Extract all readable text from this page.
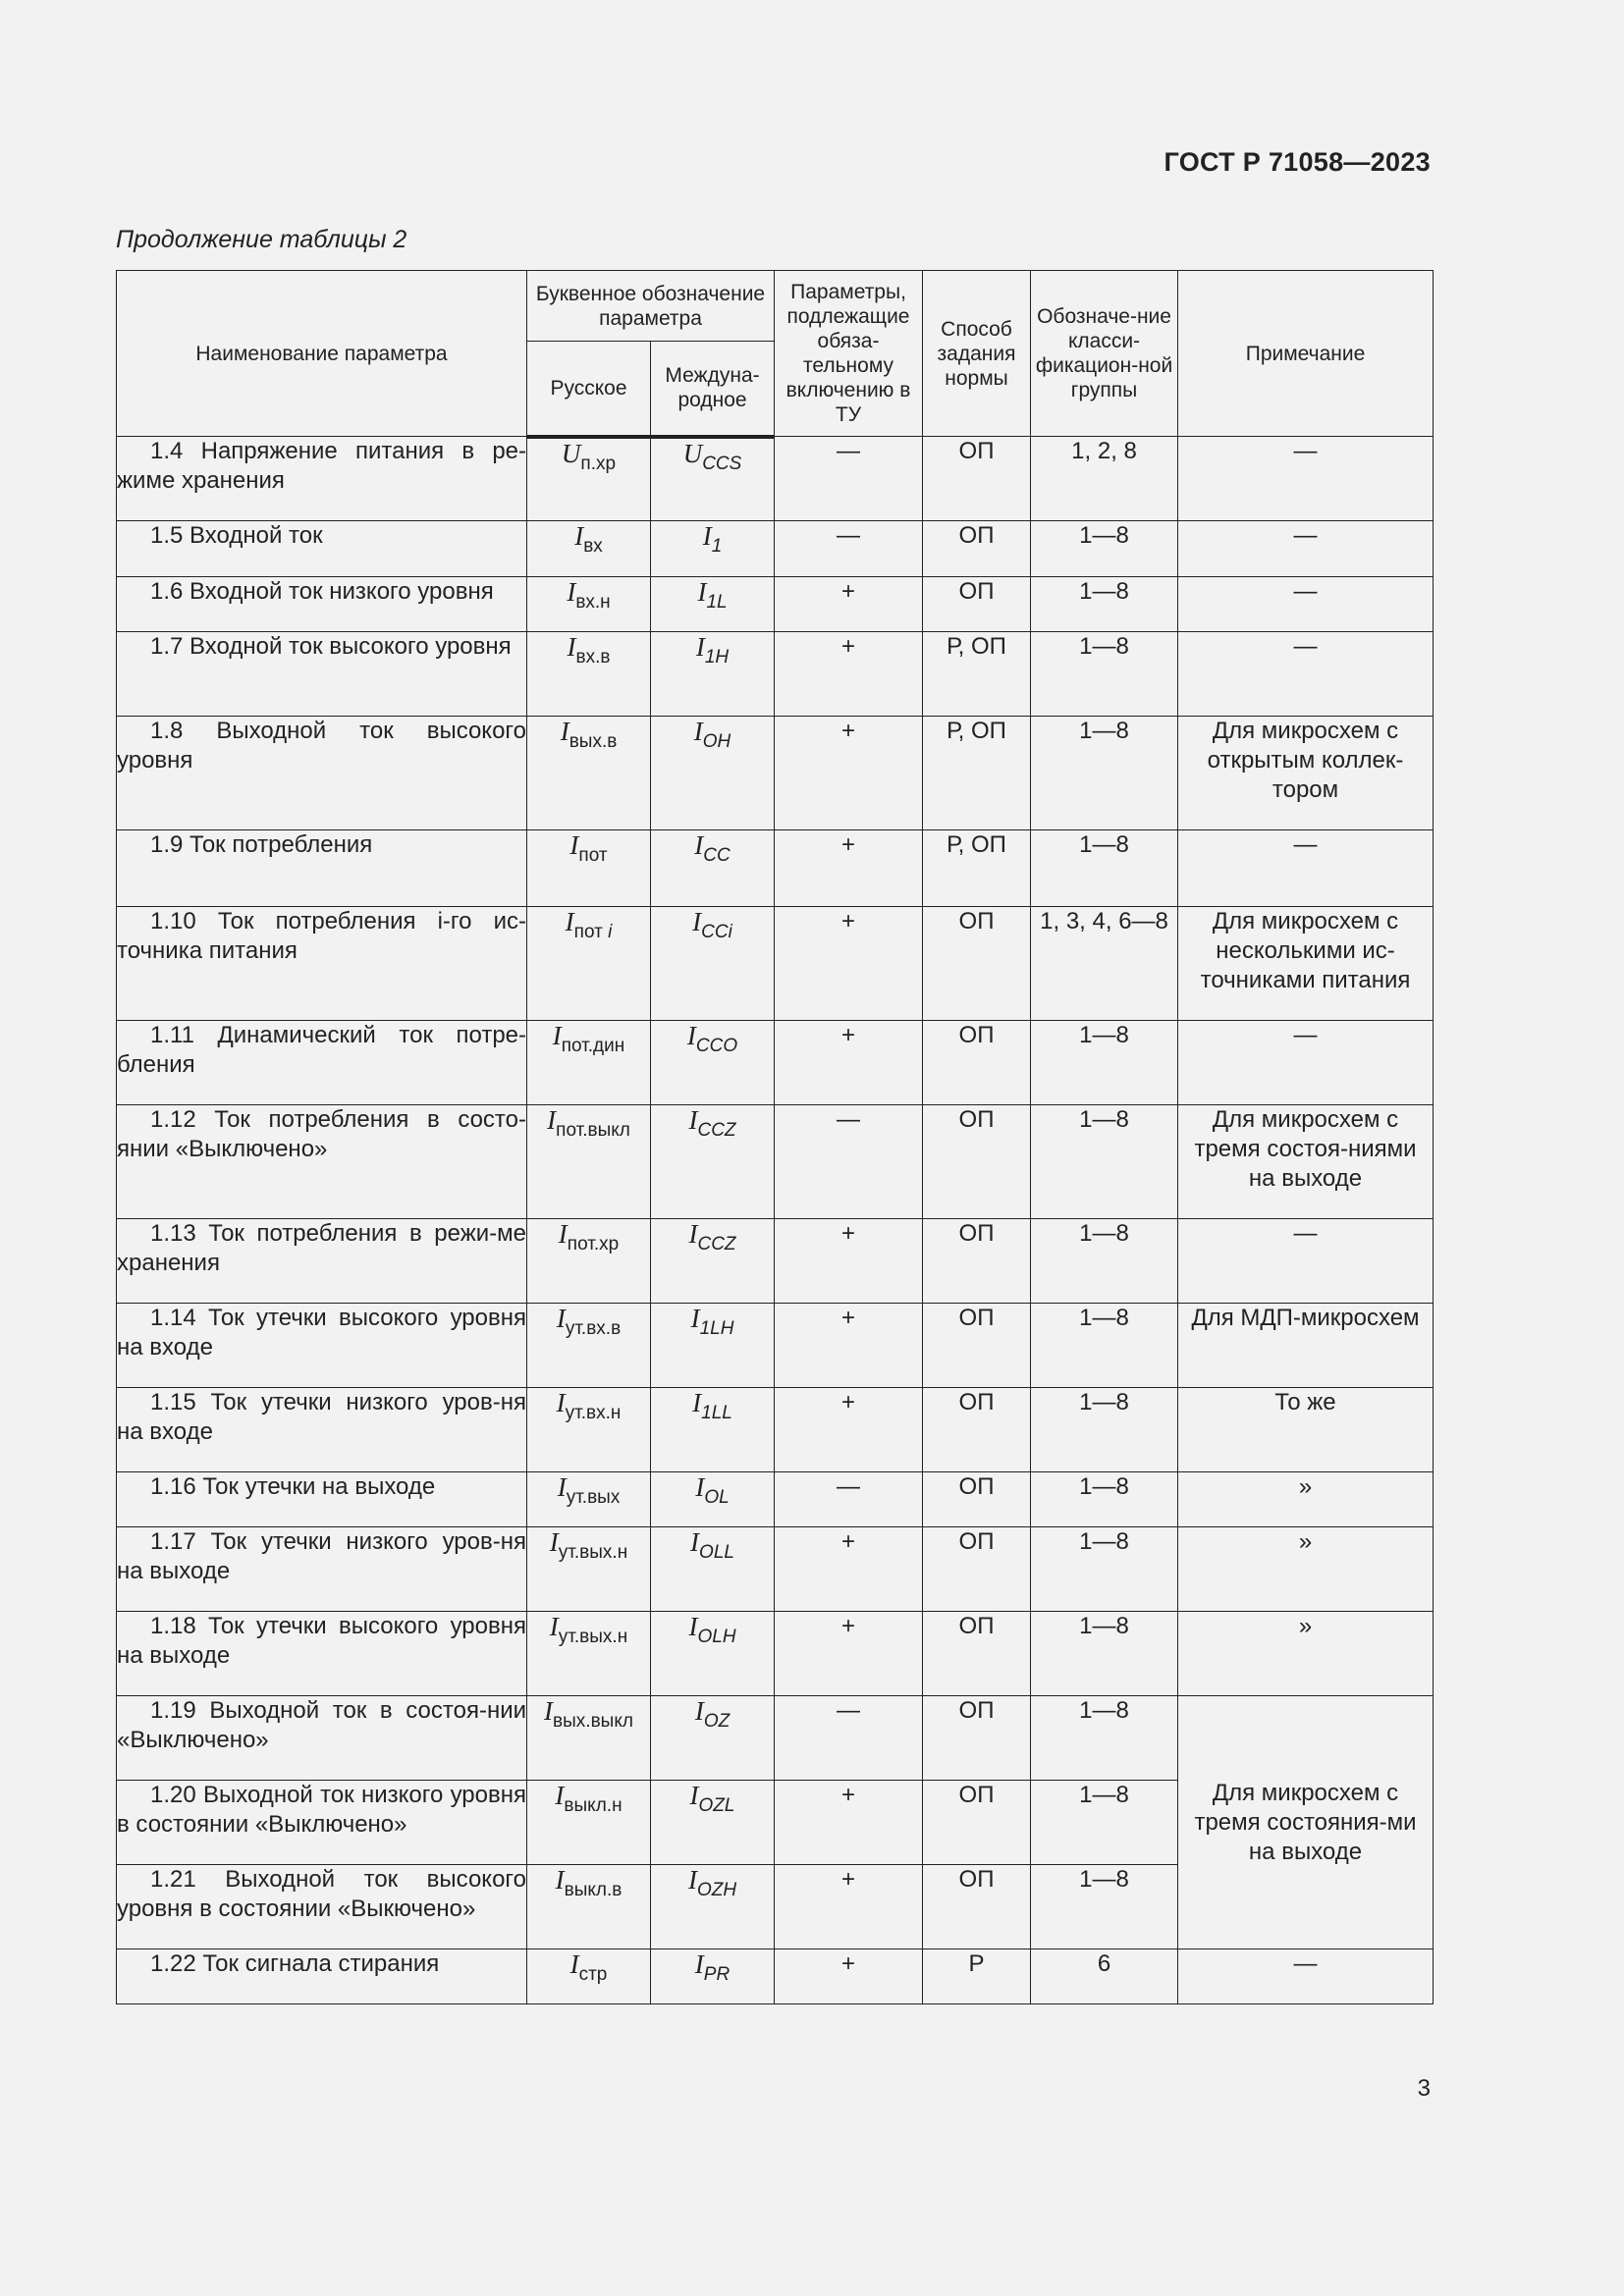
ГОСТ Р 71058—2023
Продолжение таблицы 2
Наименование параметра	Буквенное обозначение параметра		Параметры, подлежащие обяза-тельному включению в ТУ	Способ задания нормы	Обозначе-ние класси-фикацион-ной группы	Примечание
	Русское	Междуна-родное				
1.4 Напряжение питания в ре-жиме хранения	$U_{п.хр}$	$U_{CCS}$	—	ОП	1, 2, 8	—
1.5 Входной ток	$I_{вх}$	$I_1$	—	ОП	1—8	—
1.6 Входной ток низкого уровня	$I_{вх.н}$	$I_{1L}$	+	ОП	1—8	—
1.7 Входной ток высокого уровня	$I_{вх.в}$	$I_{1H}$	+	Р, ОП	1—8	—
1.8 Выходной ток высокого уровня	$I_{вых.в}$	$I_{OH}$	+	Р, ОП	1—8	Для микросхем с открытым коллек-тором
1.9 Ток потребления	$I_{пот}$	$I_{CC}$	+	Р, ОП	1—8	—
1.10 Ток потребления i-го ис-точника питания	$I_{пот i}$	$I_{CCi}$	+	ОП	1, 3, 4, 6—8	Для микросхем с несколькими ис-точниками питания
1.11 Динамический ток потре-бления	$I_{пот.дин}$	$I_{CCO}$	+	ОП	1—8	—
1.12 Ток потребления в состо-янии «Выключено»	$I_{пот.выкл}$	$I_{CCZ}$	—	ОП	1—8	Для микросхем с тремя состоя-ниями на выходе
1.13 Ток потребления в режи-ме хранения	$I_{пот.хр}$	$I_{CCZ}$	+	ОП	1—8	—
1.14 Ток утечки высокого уровня на входе	$I_{ут.вх.в}$	$I_{1LH}$	+	ОП	1—8	Для МДП-микросхем
1.15 Ток утечки низкого уров-ня на входе	$I_{ут.вх.н}$	$I_{1LL}$	+	ОП	1—8	То же
1.16 Ток утечки на выходе	$I_{ут.вых}$	$I_{OL}$	—	ОП	1—8	»
1.17 Ток утечки низкого уров-ня на выходе	$I_{ут.вых.н}$	$I_{OLL}$	+	ОП	1—8	»
1.18 Ток утечки высокого уровня на выходе	$I_{ут.вых.н}$	$I_{OLH}$	+	ОП	1—8	»
1.19 Выходной ток в состоя-нии «Выключено»	$I_{вых.выкл}$	$I_{OZ}$	—	ОП	1—8	Для микросхем с тремя состояния-ми на выходе
1.20 Выходной ток низкого уровня в состоянии «Выключено»	$I_{выкл.н}$	$I_{OZL}$	+	ОП	1—8	
1.21 Выходной ток высокого уровня в состоянии «Выкючено»	$I_{выкл.в}$	$I_{OZH}$	+	ОП	1—8	
1.22 Ток сигнала стирания	$I_{стр}$	$I_{PR}$	+	Р	6	—
3
